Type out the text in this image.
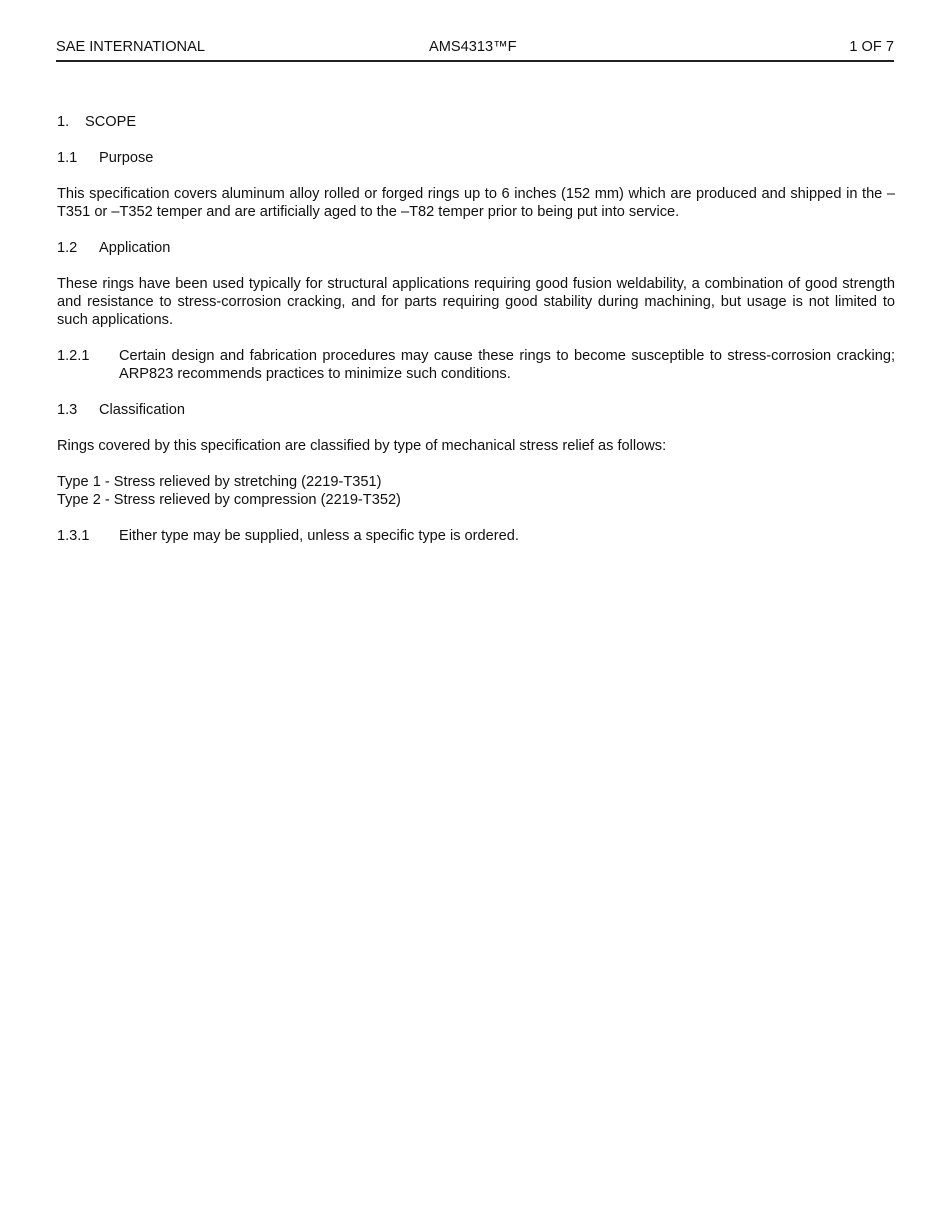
SAE INTERNATIONAL	AMS4313™F	1 OF 7
1.	SCOPE
1.1	Purpose

This specification covers aluminum alloy rolled or forged rings up to 6 inches (152 mm) which are produced and shipped in the –T351 or –T352 temper and are artificially aged to the –T82 temper prior to being put into service.

1.2	Application

These rings have been used typically for structural applications requiring good fusion weldability, a combination of good strength and resistance to stress-corrosion cracking, and for parts requiring good stability during machining, but usage is not limited to such applications.

1.2.1	Certain design and fabrication procedures may cause these rings to become susceptible to stress-corrosion cracking; ARP823 recommends practices to minimize such conditions.
1.3	Classification

Rings covered by this specification are classified by type of mechanical stress relief as follows:

Type 1 - Stress relieved by stretching (2219-T351)
Type 2 - Stress relieved by compression (2219-T352)
1.3.1	Either type may be supplied, unless a specific type is ordered.
